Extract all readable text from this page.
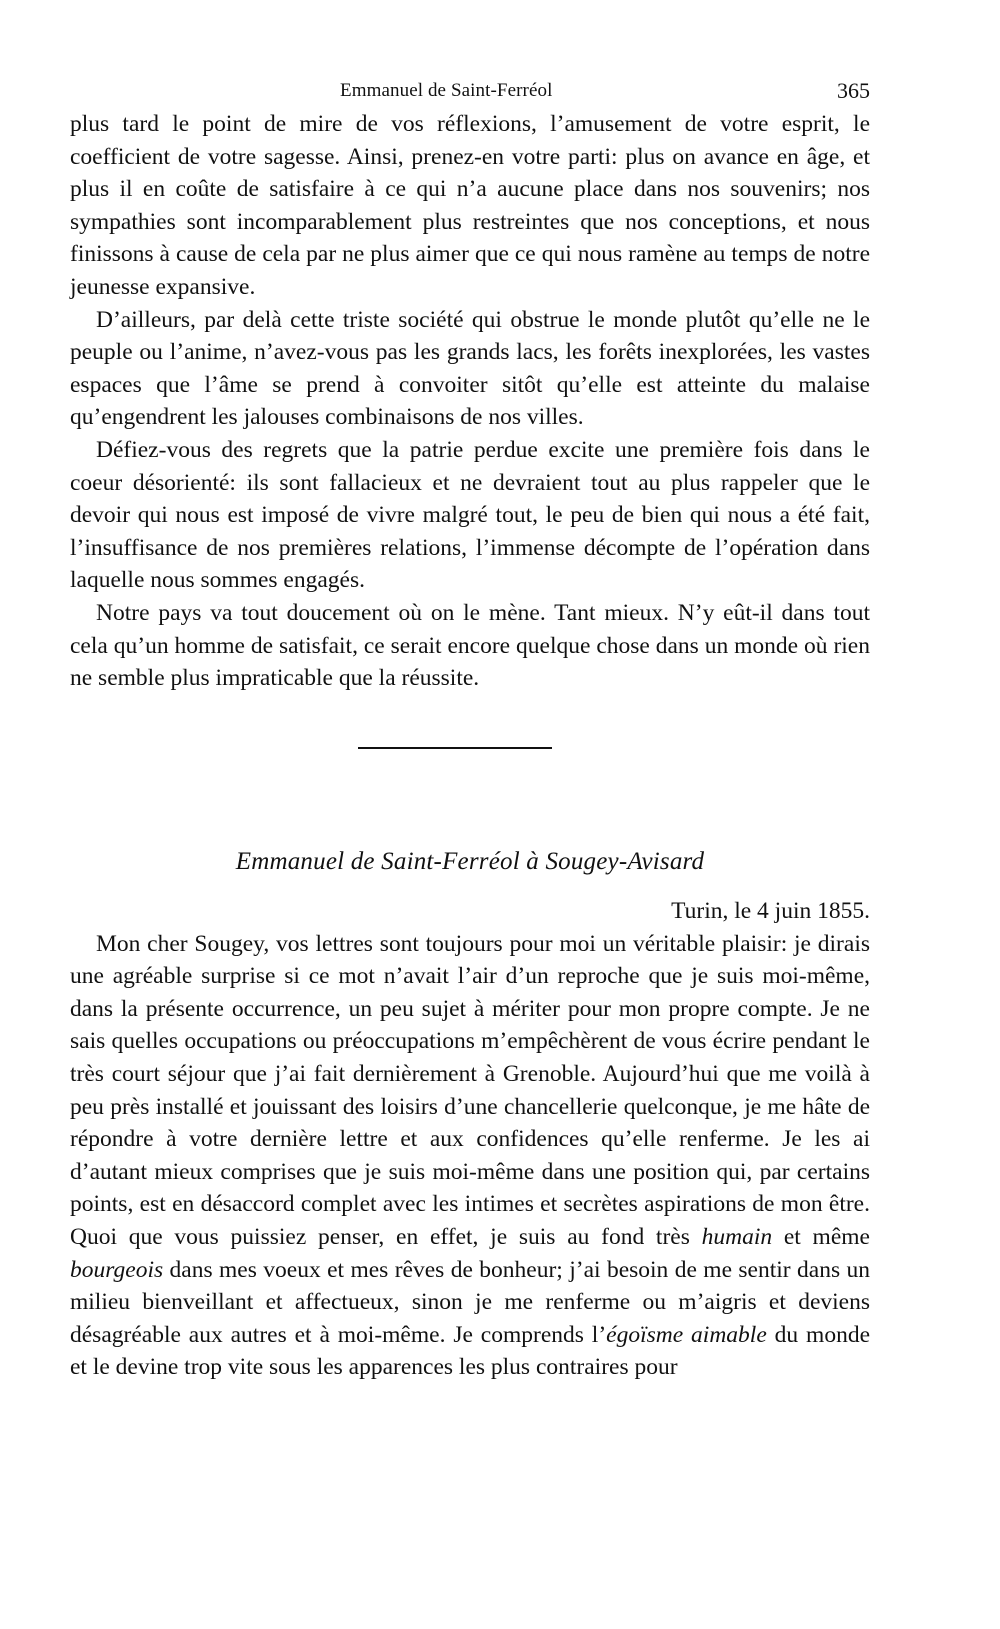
Emmanuel de Saint-Ferréol	365

plus tard le point de mire de vos réflexions, l’amusement de votre esprit, le coefficient de votre sagesse. Ainsi, prenez-en votre parti: plus on avance en âge, et plus il en coûte de satisfaire à ce qui n’a aucune place dans nos souvenirs; nos sympathies sont incomparablement plus restreintes que nos conceptions, et nous finissons à cause de cela par ne plus aimer que ce qui nous ramène au temps de notre jeunesse expansive.

D’ailleurs, par delà cette triste société qui obstrue le monde plutôt qu’elle ne le peuple ou l’anime, n’avez-vous pas les grands lacs, les forêts inexplorées, les vastes espaces que l’âme se prend à convoiter sitôt qu’elle est atteinte du malaise qu’engendrent les jalouses combinaisons de nos villes.

Défiez-vous des regrets que la patrie perdue excite une première fois dans le coeur désorienté: ils sont fallacieux et ne devraient tout au plus rappeler que le devoir qui nous est imposé de vivre malgré tout, le peu de bien qui nous a été fait, l’insuffisance de nos premières relations, l’immense décompte de l’opération dans laquelle nous sommes engagés.

Notre pays va tout doucement où on le mène. Tant mieux. N’y eût-il dans tout cela qu’un homme de satisfait, ce serait encore quelque chose dans un monde où rien ne semble plus impraticable que la réussite.

Emmanuel de Saint-Ferréol à Sougey-Avisard

Turin, le 4 juin 1855.

Mon cher Sougey, vos lettres sont toujours pour moi un véritable plaisir: je dirais une agréable surprise si ce mot n’avait l’air d’un reproche que je suis moi-même, dans la présente occurrence, un peu sujet à mériter pour mon propre compte. Je ne sais quelles occupations ou préoccupations m’empêchèrent de vous écrire pendant le très court séjour que j’ai fait dernièrement à Grenoble. Aujourd’hui que me voilà à peu près installé et jouissant des loisirs d’une chancellerie quelconque, je me hâte de répondre à votre dernière lettre et aux confidences qu’elle renferme. Je les ai d’autant mieux comprises que je suis moi-même dans une position qui, par certains points, est en désaccord complet avec les intimes et secrètes aspirations de mon être. Quoi que vous puissiez penser, en effet, je suis au fond très humain et même bourgeois dans mes voeux et mes rêves de bonheur; j’ai besoin de me sentir dans un milieu bienveillant et affectueux, sinon je me renferme ou m’aigris et deviens désagréable aux autres et à moi-même. Je comprends l’égoïsme aimable du monde et le devine trop vite sous les apparences les plus contraires pour
